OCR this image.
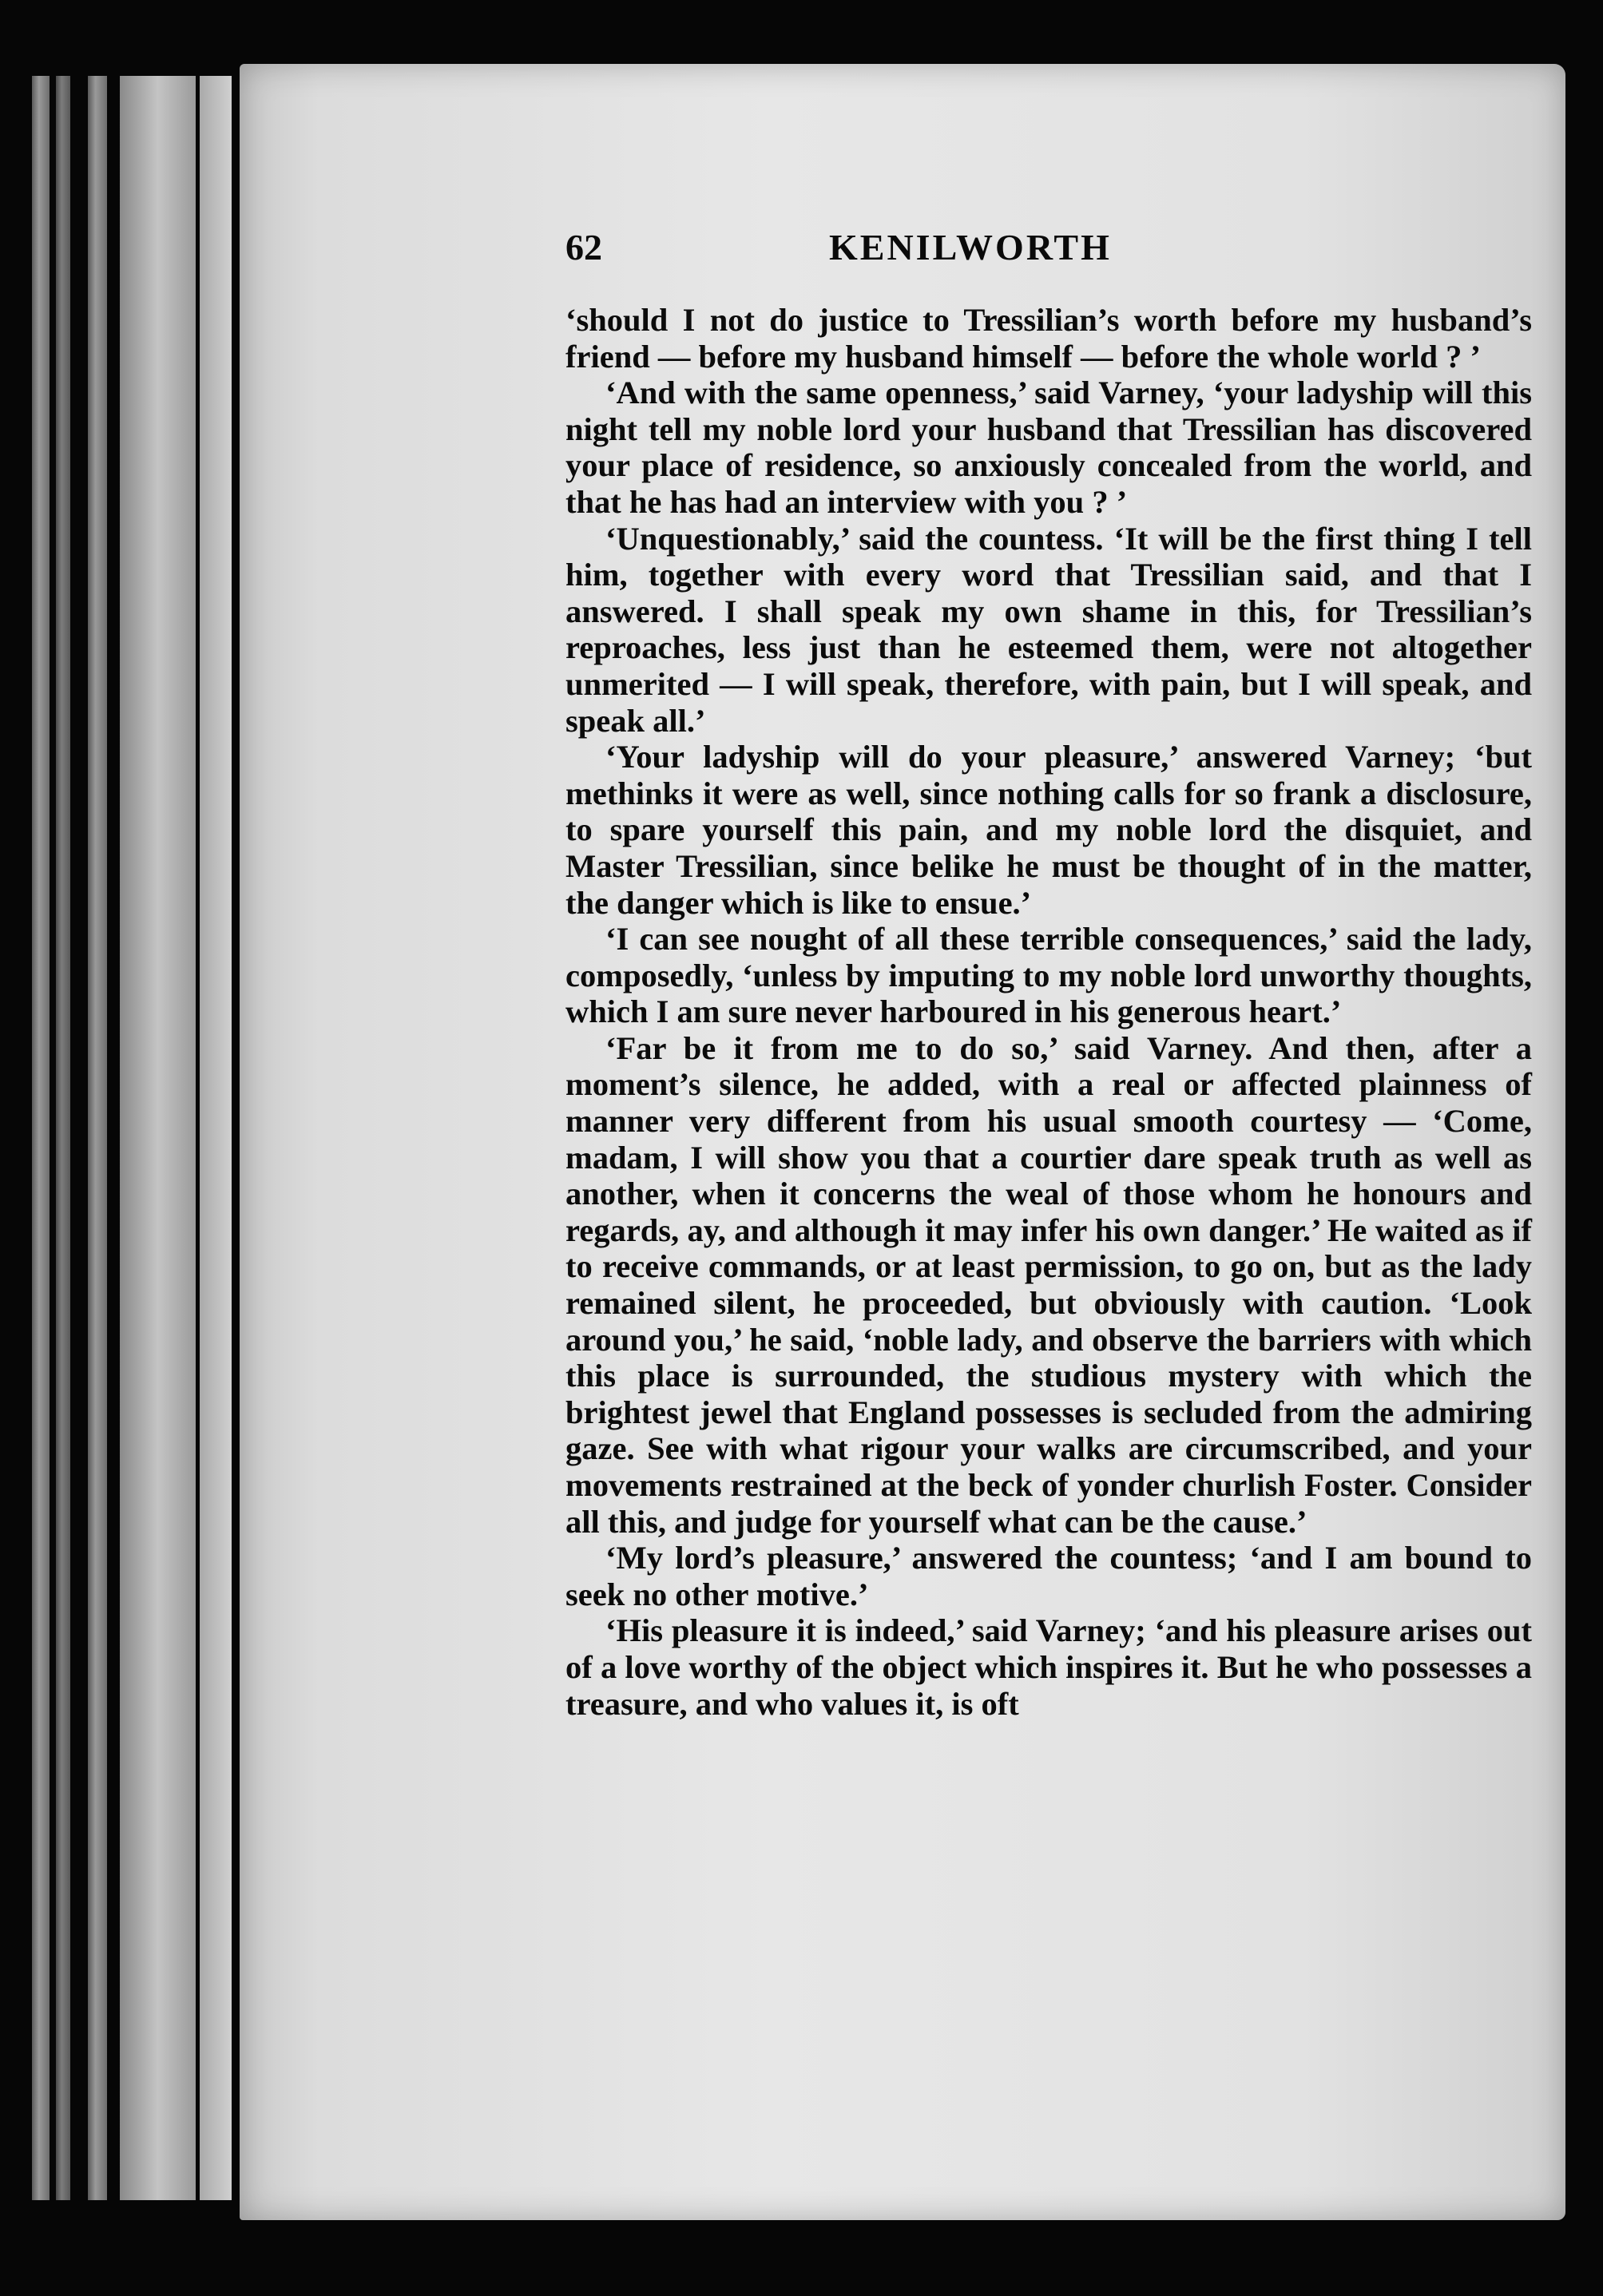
62	KENILWORTH

‘should I not do justice to Tressilian’s worth before my husband’s friend — before my husband himself — before the whole world ? ’

‘And with the same openness,’ said Varney, ‘your ladyship will this night tell my noble lord your husband that Tressilian has discovered your place of residence, so anxiously concealed from the world, and that he has had an interview with you ? ’

‘Unquestionably,’ said the countess. ‘It will be the first thing I tell him, together with every word that Tressilian said, and that I answered. I shall speak my own shame in this, for Tressilian’s reproaches, less just than he esteemed them, were not altogether unmerited — I will speak, therefore, with pain, but I will speak, and speak all.’

‘Your ladyship will do your pleasure,’ answered Varney; ‘but methinks it were as well, since nothing calls for so frank a disclosure, to spare yourself this pain, and my noble lord the disquiet, and Master Tressilian, since belike he must be thought of in the matter, the danger which is like to ensue.’

‘I can see nought of all these terrible consequences,’ said the lady, composedly, ‘unless by imputing to my noble lord unworthy thoughts, which I am sure never harboured in his generous heart.’

‘Far be it from me to do so,’ said Varney. And then, after a moment’s silence, he added, with a real or affected plainness of manner very different from his usual smooth courtesy — ‘Come, madam, I will show you that a courtier dare speak truth as well as another, when it concerns the weal of those whom he honours and regards, ay, and although it may infer his own danger.’ He waited as if to receive commands, or at least permission, to go on, but as the lady remained silent, he proceeded, but obviously with caution. ‘Look around you,’ he said, ‘noble lady, and observe the barriers with which this place is surrounded, the studious mystery with which the brightest jewel that England possesses is secluded from the admiring gaze. See with what rigour your walks are circumscribed, and your movements restrained at the beck of yonder churlish Foster. Consider all this, and judge for yourself what can be the cause.’

‘My lord’s pleasure,’ answered the countess; ‘and I am bound to seek no other motive.’

‘His pleasure it is indeed,’ said Varney; ‘and his pleasure arises out of a love worthy of the object which inspires it. But he who possesses a treasure, and who values it, is oft
